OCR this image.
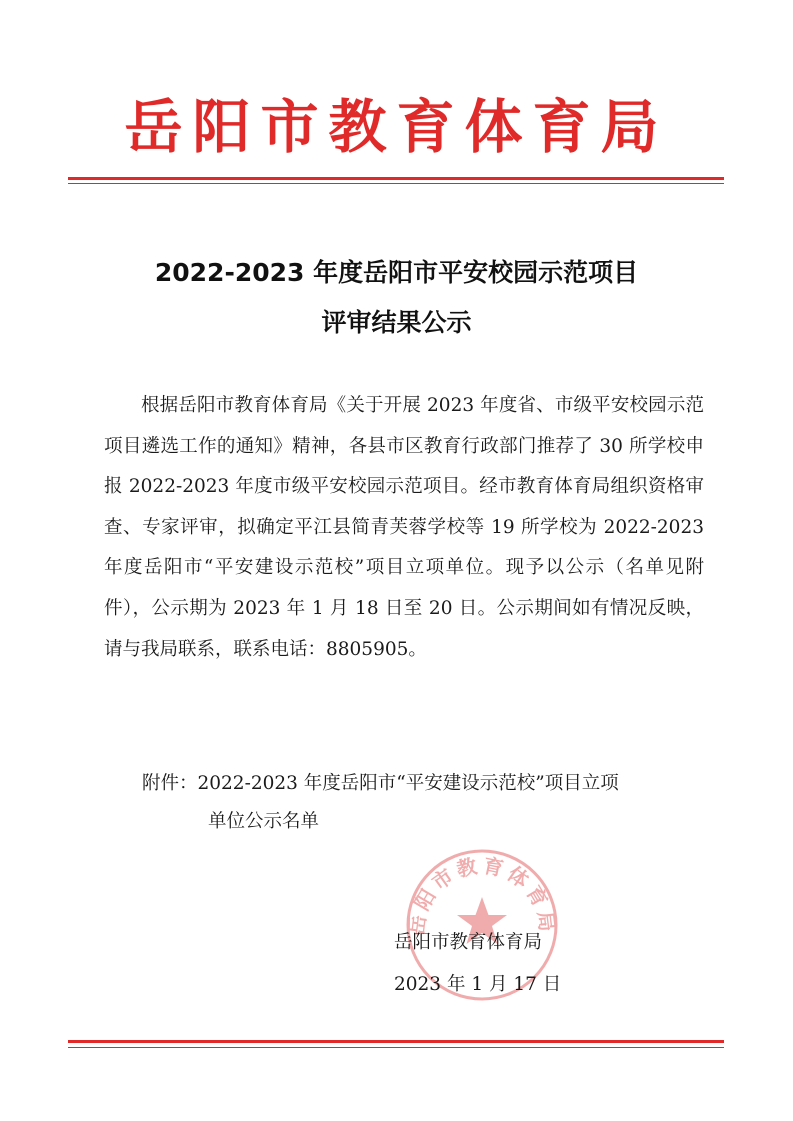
岳阳市教育体育局
2022-2023 年度岳阳市平安校园示范项目
评审结果公示

根据岳阳市教育体育局《关于开展 2023 年度省、市级平安校园示范项目遴选工作的通知》精神，各县市区教育行政部门推荐了 30 所学校申报 2022-2023 年度市级平安校园示范项目。经市教育体育局组织资格审查、专家评审，拟确定平江县简青芙蓉学校等 19 所学校为 2022-2023 年度岳阳市“平安建设示范校”项目立项单位。现予以公示（名单见附件），公示期为 2023 年 1 月 18 日至 20 日。公示期间如有情况反映，请与我局联系，联系电话：8805905。

附件：2022-2023 年度岳阳市“平安建设示范校”项目立项
单位公示名单
岳阳市教育体育局
岳阳市教育体育局
2023 年 1 月 17 日
